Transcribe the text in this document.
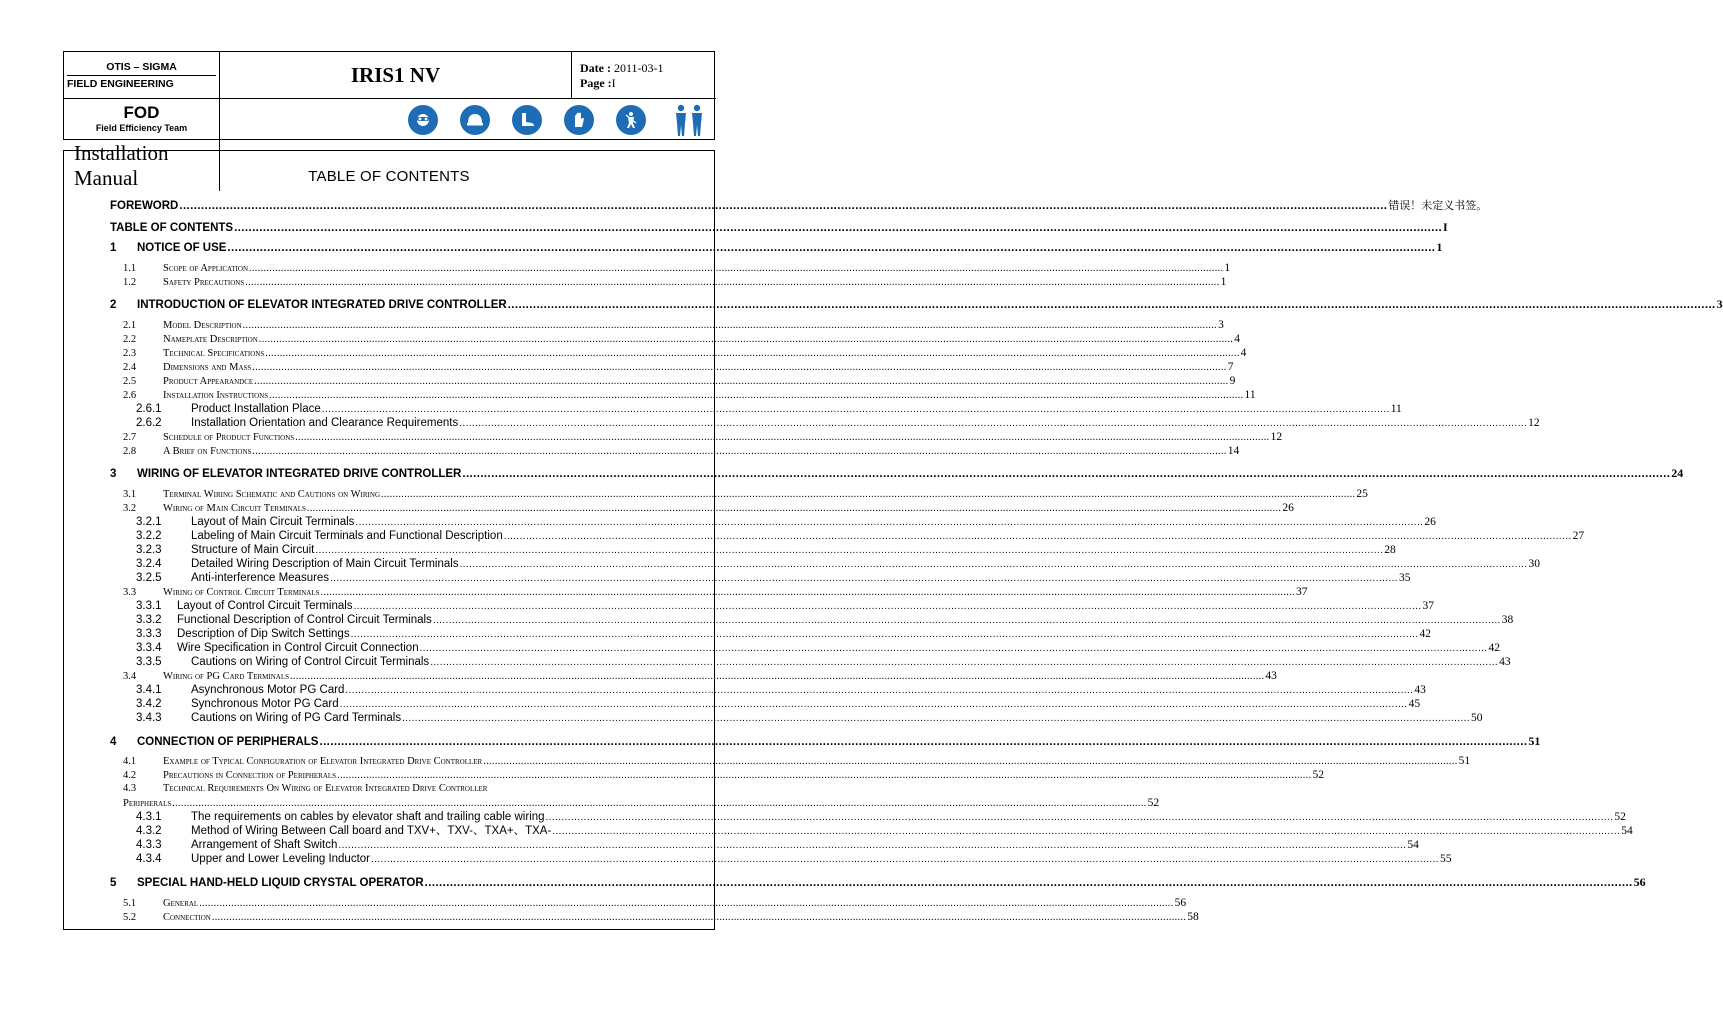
OTIS – SIGMA
FIELD ENGINEERING	IRIS1 NV	Date : 2011-03-1
Page :I
FOD
Field Efficiency Team
Installation Manual	TABLE OF CONTENTS
FOREWORD .....	错误！未定义书签。
TABLE OF CONTENTS .....	I
1	NOTICE OF USE .....	1
1.1	Scope of Application .....	1
1.2	Safety Precautions .....	1
2	INTRODUCTION OF ELEVATOR INTEGRATED DRIVE CONTROLLER .....	3
2.1	Model Description .....	3
2.2	Nameplate Description .....	4
2.3	Technical Specifications .....	4
2.4	Dimensions and Mass .....	7
2.5	Product Appearandce .....	9
2.6	Installation Instructions .....	11
2.6.1	Product Installation Place .....	11
2.6.2	Installation Orientation and Clearance Requirements .....	12
2.7	Schedule of Product Functions .....	12
2.8	A Brief on Functions .....	14
3	WIRING OF ELEVATOR INTEGRATED DRIVE CONTROLLER .....	24
3.1	Terminal Wiring Schematic and Cautions on Wiring .....	25
3.2	Wiring of Main Circuit Terminals .....	26
3.2.1	Layout of Main Circuit Terminals .....	26
3.2.2	Labeling of Main Circuit Terminals and Functional Description .....	27
3.2.3	Structure of Main Circuit .....	28
3.2.4	Detailed Wiring Description of Main Circuit Terminals .....	30
3.2.5	Anti-interference Measures .....	35
3.3	Wiring of Control Circuit Terminals .....	37
3.3.1	Layout of Control Circuit Terminals .....	37
3.3.2	Functional Description of Control Circuit Terminals .....	38
3.3.3	Description of Dip Switch Settings .....	42
3.3.4	Wire Specification in Control Circuit Connection .....	42
3.3.5	Cautions on Wiring of Control Circuit Terminals .....	43
3.4	Wiring of PG Card Terminals .....	43
3.4.1	Asynchronous Motor PG Card .....	43
3.4.2	Synchronous Motor PG Card .....	45
3.4.3	Cautions on Wiring of PG Card Terminals .....	50
4	CONNECTION OF PERIPHERALS .....	51
4.1	Example of Typical Configuration of Elevator Integrated Drive Controller .....	51
4.2	Precautions in Connection of Peripherals .....	52
4.3	Technical Requirements On Wiring of Elevator Integrated Drive Controller
Peripherals .....	52
4.3.1	The requirements on cables by elevator shaft and trailing cable wiring .....	52
4.3.2	Method of Wiring Between Call board and TXV+、TXV-、TXA+、TXA- .....	54
4.3.3	Arrangement of Shaft Switch .....	54
4.3.4	Upper and Lower Leveling Inductor .....	55
5	SPECIAL HAND-HELD LIQUID CRYSTAL OPERATOR .....	56
5.1	General .....	56
5.2	Connection .....	58
